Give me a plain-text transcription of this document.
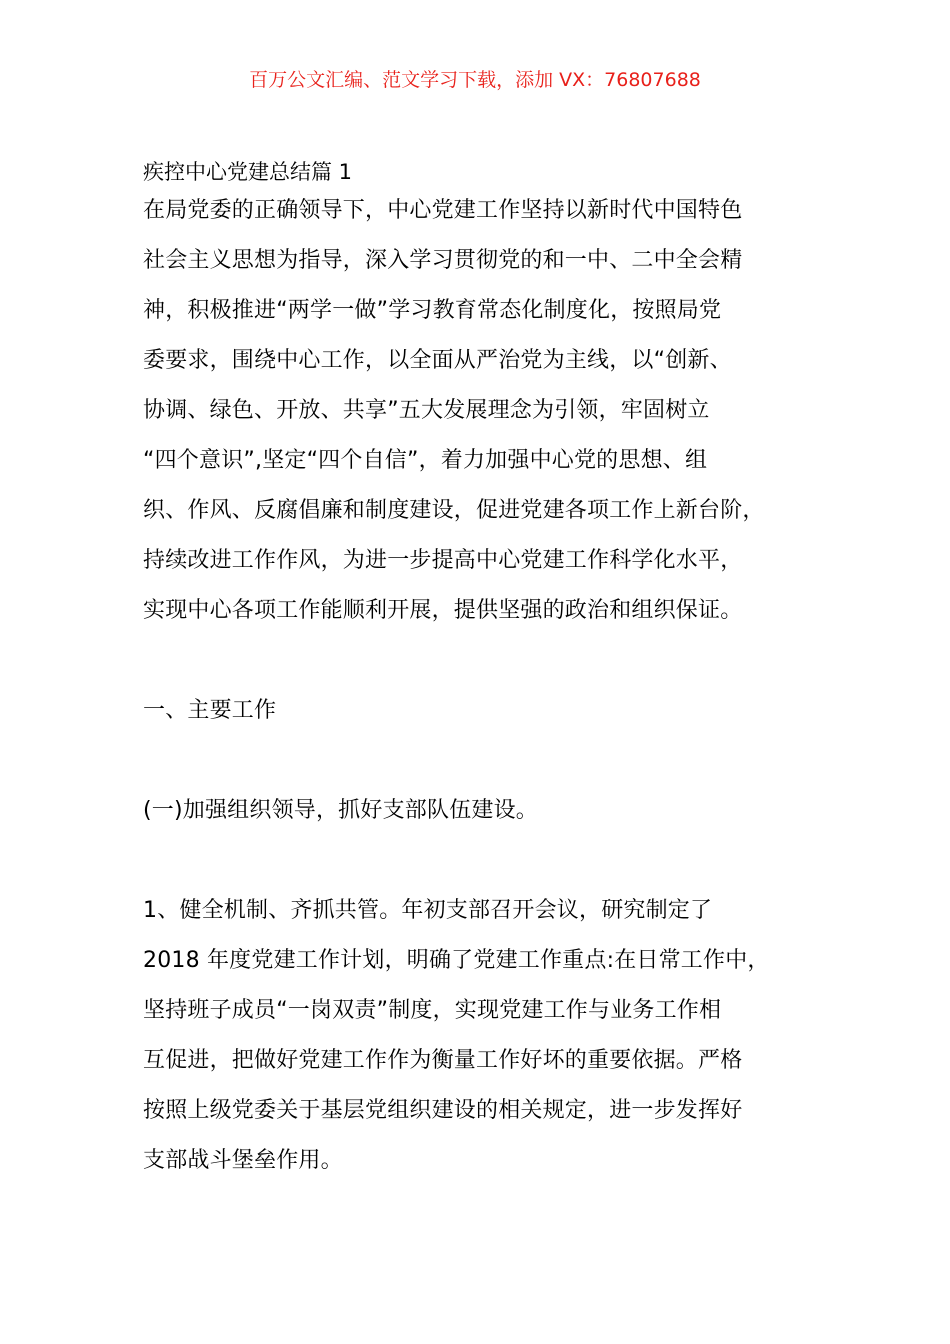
百万公文汇编、范文学习下载，添加 VX：76807688
疾控中心党建总结篇 1
在局党委的正确领导下，中心党建工作坚持以新时代中国特色
社会主义思想为指导，深入学习贯彻党的和一中、二中全会精
神，积极推进“两学一做”学习教育常态化制度化，按照局党
委要求，围绕中心工作，以全面从严治党为主线，以“创新、
协调、绿色、开放、共享”五大发展理念为引领，牢固树立
“四个意识”,坚定“四个自信”，着力加强中心党的思想、组
织、作风、反腐倡廉和制度建设，促进党建各项工作上新台阶，
持续改进工作作风，为进一步提高中心党建工作科学化水平，
实现中心各项工作能顺利开展，提供坚强的政治和组织保证。
一、主要工作
(一)加强组织领导，抓好支部队伍建设。
1、健全机制、齐抓共管。年初支部召开会议，研究制定了
2018 年度党建工作计划，明确了党建工作重点:在日常工作中，
坚持班子成员“一岗双责”制度，实现党建工作与业务工作相
互促进，把做好党建工作作为衡量工作好坏的重要依据。严格
按照上级党委关于基层党组织建设的相关规定，进一步发挥好
支部战斗堡垒作用。
